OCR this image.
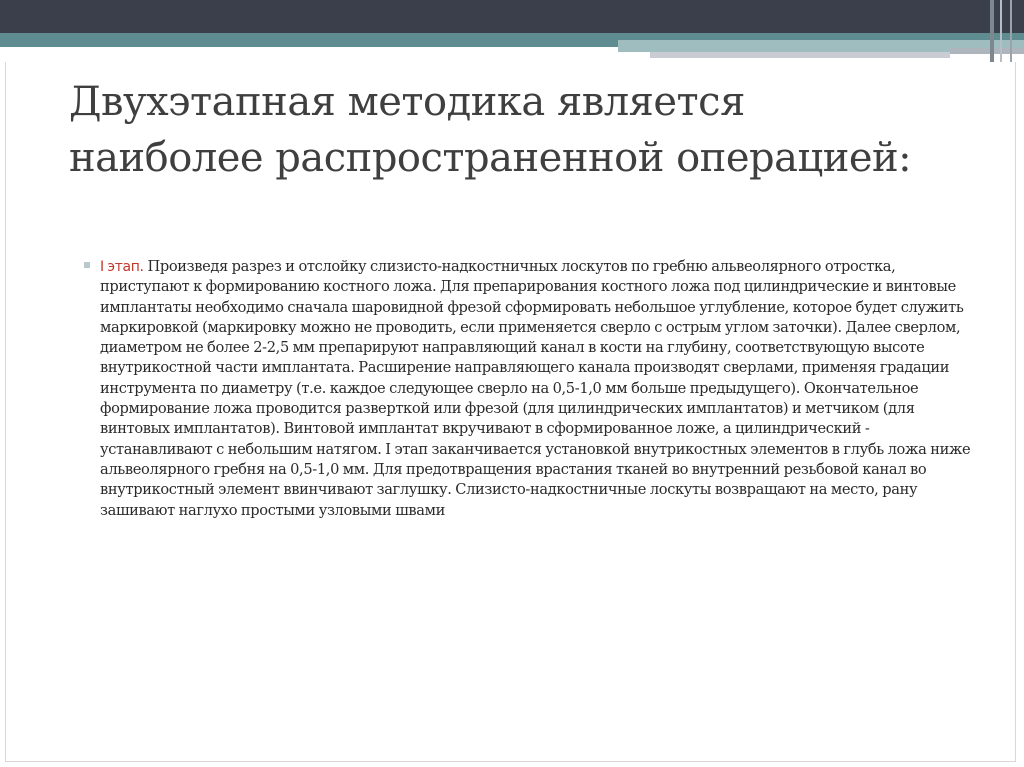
Двухэтапная методика является наиболее распространенной операцией:

I этап. Произведя разрез и отслойку слизисто-надкостничных лоскутов по гребню альвеолярного отростка, приступают к формированию костного ложа. Для препарирования костного ложа под цилиндрические и винтовые имплантаты необходимо сначала шаровидной фрезой сформировать небольшое углубление, которое будет служить маркировкой (маркировку можно не проводить, если применяется сверло с острым углом заточки). Далее сверлом, диаметром не более 2-2,5 мм препарируют направляющий канал в кости на глубину, соответствующую высоте внутрикостной части имплантата. Расширение направляющего канала производят сверлами, применяя градации инструмента по диаметру (т.е. каждое следующее сверло на 0,5-1,0 мм больше предыдущего). Окончательное формирование ложа проводится разверткой или фрезой (для цилиндрических имплантатов) и метчиком (для винтовых имплантатов). Винтовой имплантат вкручивают в сформированное ложе, а цилиндрический - устанавливают с небольшим натягом. I этап заканчивается установкой внутрикостных элементов в глубь ложа ниже альвеолярного гребня на 0,5-1,0 мм. Для предотвращения врастания тканей во внутренний резьбовой канал во внутрикостный элемент ввинчивают заглушку. Слизисто-надкостничные лоскуты возвращают на место, рану зашивают наглухо простыми узловыми швами
